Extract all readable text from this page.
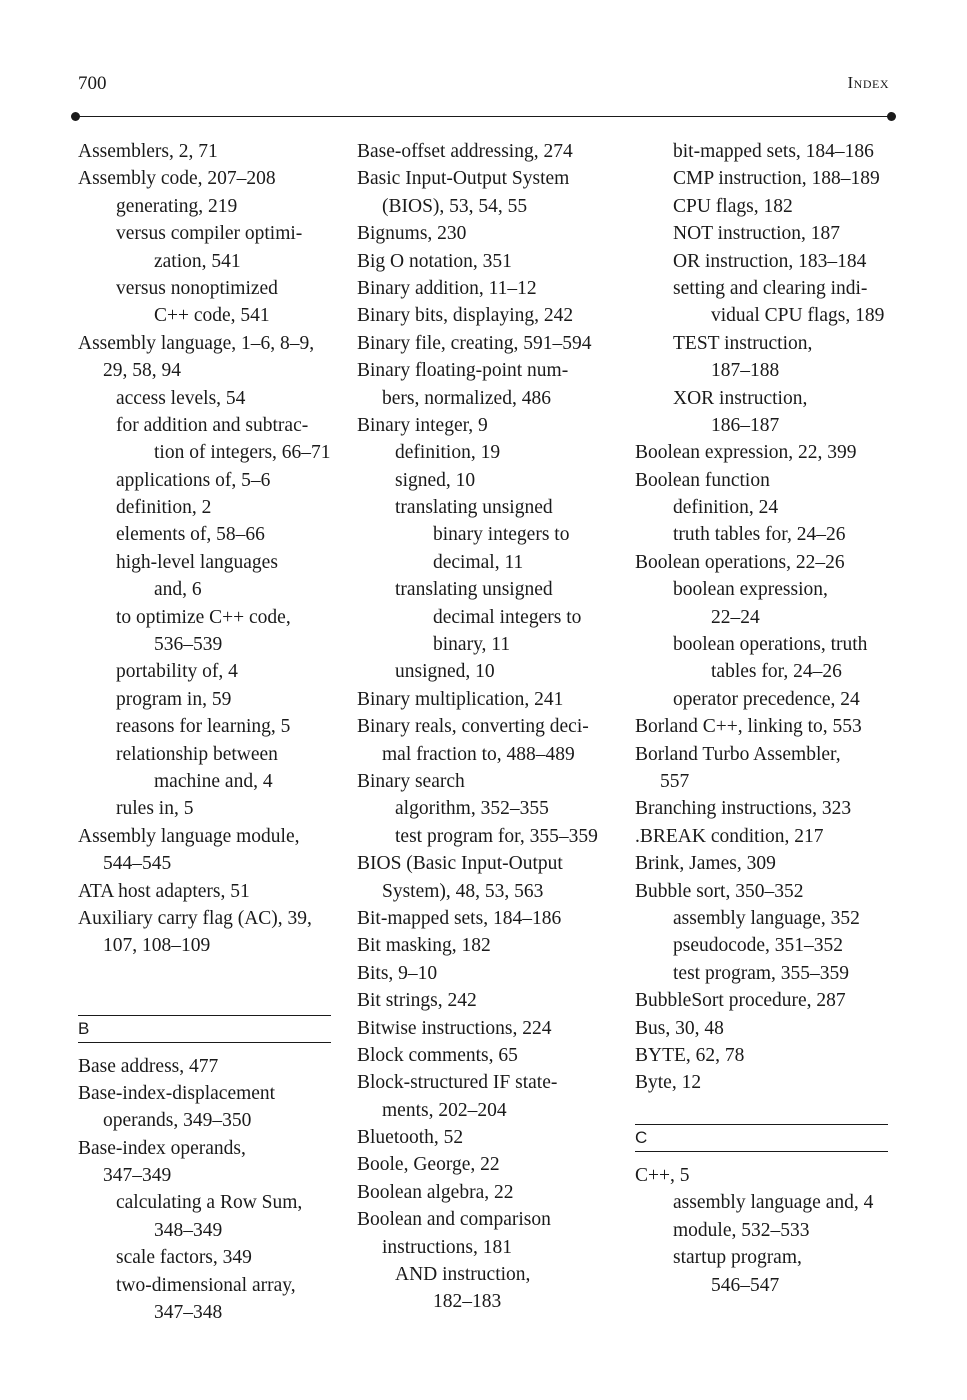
700	Index
Assemblers, 2, 71
Assembly code, 207–208
generating, 219
versus compiler optimi-
zation, 541
versus nonoptimized
C++ code, 541
Assembly language, 1–6, 8–9,
29, 58, 94
access levels, 54
for addition and subtrac-
tion of integers, 66–71
applications of, 5–6
definition, 2
elements of, 58–66
high-level languages
and, 6
to optimize C++ code,
536–539
portability of, 4
program in, 59
reasons for learning, 5
relationship between
machine and, 4
rules in, 5
Assembly language module,
544–545
ATA host adapters, 51
Auxiliary carry flag (AC), 39,
107, 108–109
B
Base address, 477
Base-index-displacement
operands, 349–350
Base-index operands,
347–349
calculating a Row Sum,
348–349
scale factors, 349
two-dimensional array,
347–348
Base-offset addressing, 274
Basic Input-Output System
(BIOS), 53, 54, 55
Bignums, 230
Big O notation, 351
Binary addition, 11–12
Binary bits, displaying, 242
Binary file, creating, 591–594
Binary floating-point num-
bers, normalized, 486
Binary integer, 9
definition, 19
signed, 10
translating unsigned
binary integers to
decimal, 11
translating unsigned
decimal integers to
binary, 11
unsigned, 10
Binary multiplication, 241
Binary reals, converting deci-
mal fraction to, 488–489
Binary search
algorithm, 352–355
test program for, 355–359
BIOS (Basic Input-Output
System), 48, 53, 563
Bit-mapped sets, 184–186
Bit masking, 182
Bits, 9–10
Bit strings, 242
Bitwise instructions, 224
Block comments, 65
Block-structured IF state-
ments, 202–204
Bluetooth, 52
Boole, George, 22
Boolean algebra, 22
Boolean and comparison
instructions, 181
AND instruction,
182–183
bit-mapped sets, 184–186
CMP instruction, 188–189
CPU flags, 182
NOT instruction, 187
OR instruction, 183–184
setting and clearing indi-
vidual CPU flags, 189
TEST instruction,
187–188
XOR instruction,
186–187
Boolean expression, 22, 399
Boolean function
definition, 24
truth tables for, 24–26
Boolean operations, 22–26
boolean expression,
22–24
boolean operations, truth
tables for, 24–26
operator precedence, 24
Borland C++, linking to, 553
Borland Turbo Assembler,
557
Branching instructions, 323
.BREAK condition, 217
Brink, James, 309
Bubble sort, 350–352
assembly language, 352
pseudocode, 351–352
test program, 355–359
BubbleSort procedure, 287
Bus, 30, 48
BYTE, 62, 78
Byte, 12
C
C++, 5
assembly language and, 4
module, 532–533
startup program,
546–547
